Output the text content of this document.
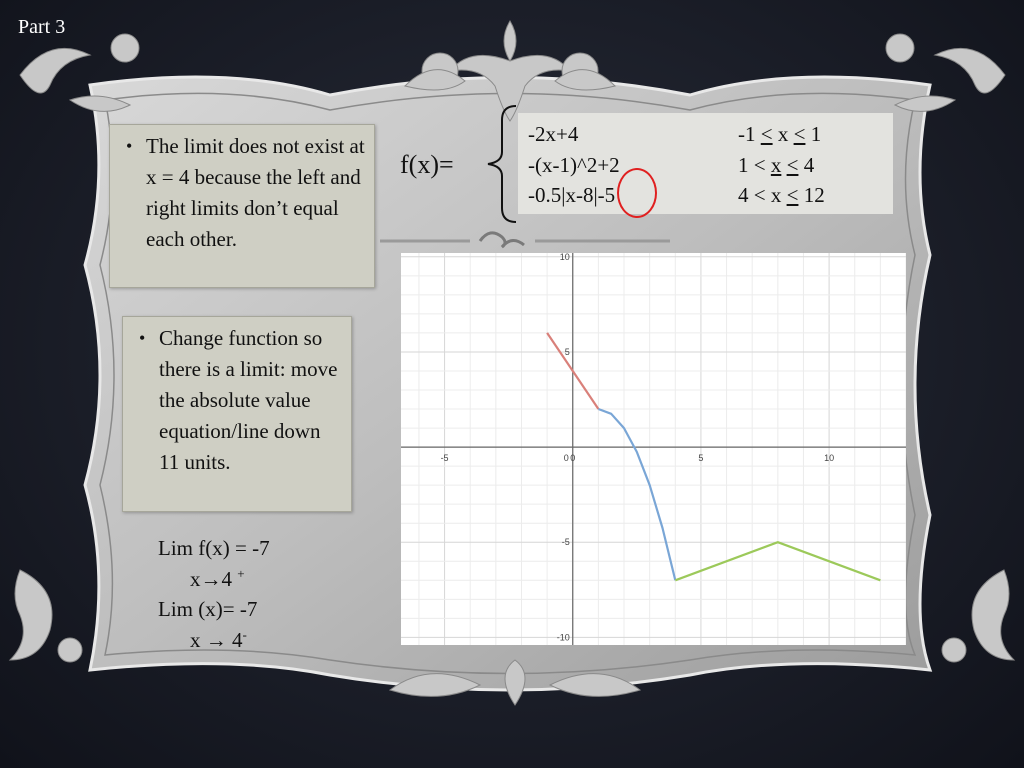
Part 3
• The limit does not exist at x = 4 because the left and right limits don’t equal each other.
• Change function so there is a limit: move the absolute value equation/line down 11 units.
f(x)=
-2x+4	-1 < x < 1
-(x-1)^2+2	1 < x < 4
-0.5|x-8|-5	4 < x < 12
-5	0	5	10
0
10
5
-5
-10
Lim f(x) = -7
x→4 +
Lim (x)= -7
x → 4-
